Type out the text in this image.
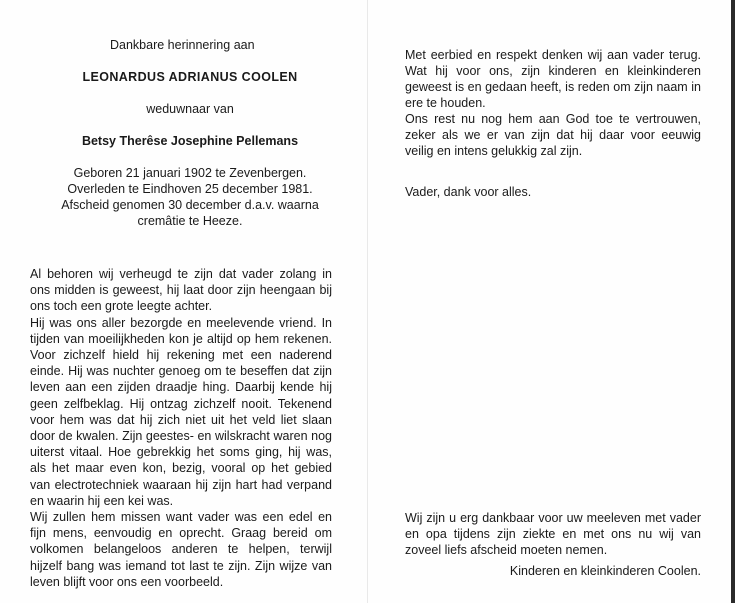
Dankbare herinnering aan

LEONARDUS ADRIANUS COOLEN

weduwnaar van

Betsy Therêse Josephine Pellemans

Geboren 21 januari 1902 te Zevenbergen.

Overleden te Eindhoven 25 december 1981.

Afscheid genomen 30 december d.a.v. waarna

cremâtie te Heeze.

Al behoren wij verheugd te zijn dat vader zolang in ons midden is geweest, hij laat door zijn heengaan bij ons toch een grote leegte achter.

Hij was ons aller bezorgde en meelevende vriend. In tijden van moeilijkheden kon je altijd op hem rekenen. Voor zichzelf hield hij rekening met een naderend einde. Hij was nuchter genoeg om te beseffen dat zijn leven aan een zijden draadje hing. Daarbij kende hij geen zelfbeklag. Hij ontzag zichzelf nooit. Tekenend voor hem was dat hij zich niet uit het veld liet slaan door de kwalen. Zijn geestes- en wilskracht waren nog uiterst vitaal. Hoe gebrekkig het soms ging, hij was, als het maar even kon, bezig, vooral op het gebied van electrotechniek waaraan hij zijn hart had verpand en waarin hij een kei was.

Wij zullen hem missen want vader was een edel en fijn mens, eenvoudig en oprecht. Graag bereid om volkomen belangeloos anderen te helpen, terwijl hijzelf bang was iemand tot last te zijn. Zijn wijze van leven blijft voor ons een voorbeeld.

Met eerbied en respekt denken wij aan vader terug. Wat hij voor ons, zijn kinderen en kleinkinderen geweest is en gedaan heeft, is reden om zijn naam in ere te houden.

Ons rest nu nog hem aan God toe te vertrouwen, zeker als we er van zijn dat hij daar voor eeuwig veilig en intens gelukkig zal zijn.

Vader, dank voor alles.

Wij zijn u erg dankbaar voor uw meeleven met vader en opa tijdens zijn ziekte en met ons nu wij van zoveel liefs afscheid moeten nemen.

Kinderen en kleinkinderen Coolen.
